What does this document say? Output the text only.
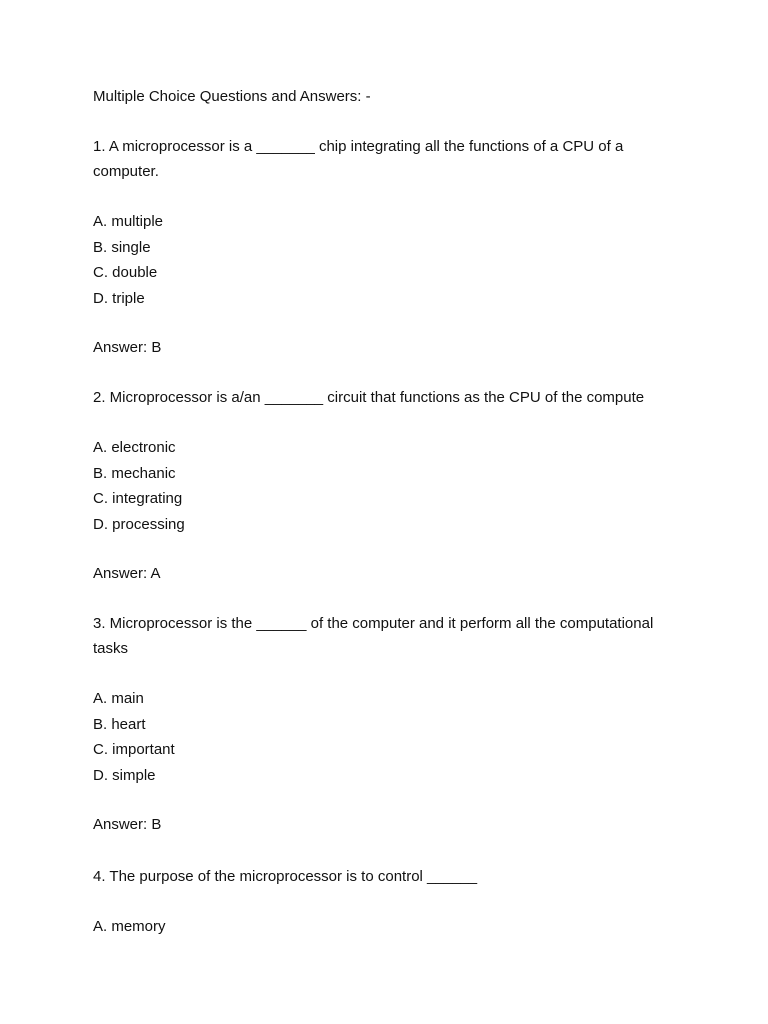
Multiple Choice Questions and Answers: -

1. A microprocessor is a _______ chip integrating all the functions of a CPU of a computer.

A. multiple
B. single
C. double
D. triple
Answer: B

2. Microprocessor is a/an _______ circuit that functions as the CPU of the compute

A. electronic
B. mechanic
C. integrating
D. processing
Answer: A

3. Microprocessor is the ______ of the computer and it perform all the computational tasks

A. main
B. heart
C. important
D. simple
Answer: B

4. The purpose of the microprocessor is to control ______

A. memory
